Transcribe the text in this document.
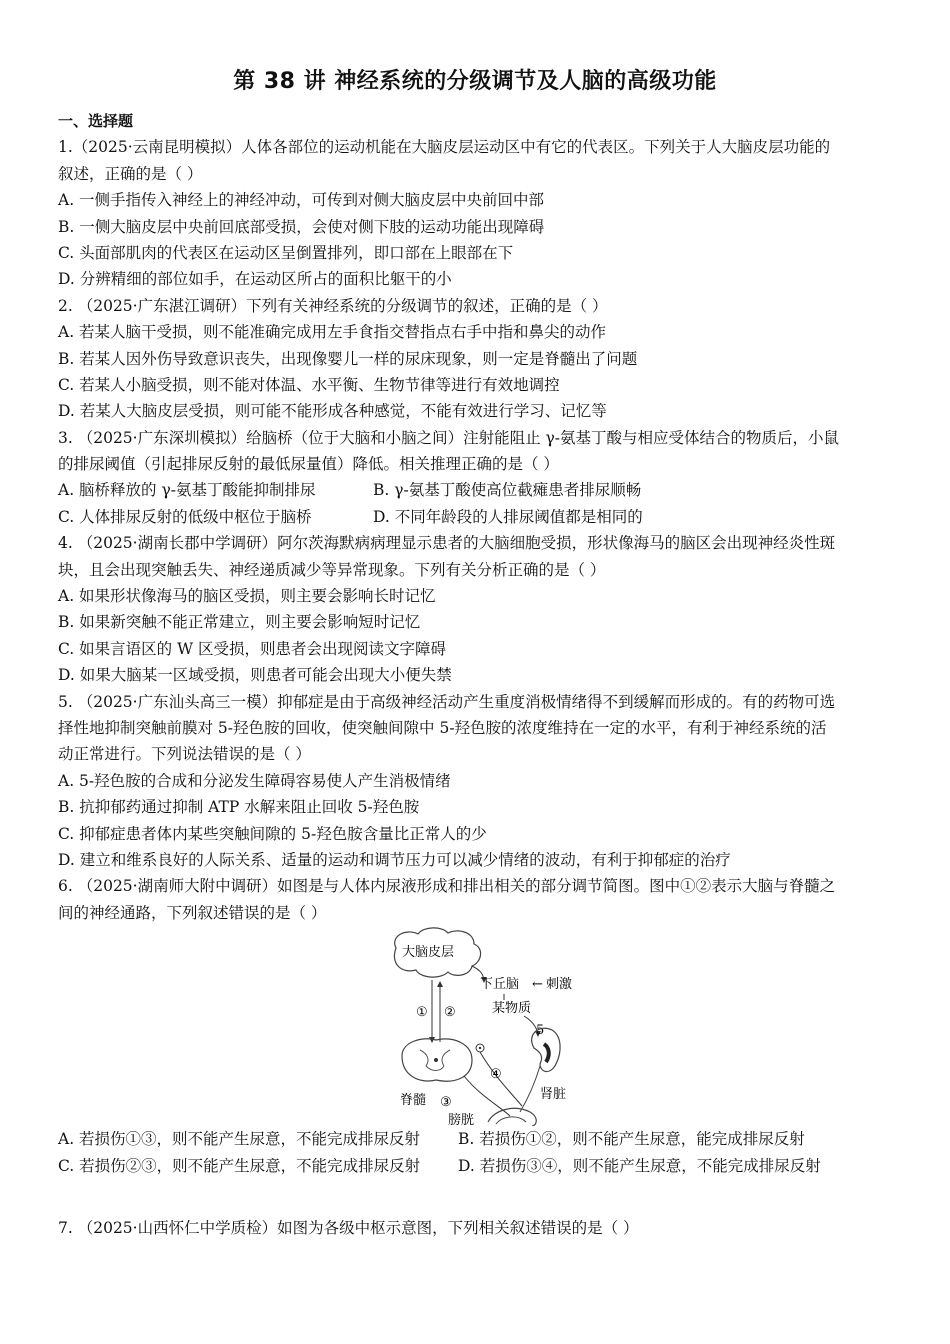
第 38 讲 神经系统的分级调节及人脑的高级功能
一、选择题
1.（2025·云南昆明模拟）人体各部位的运动机能在大脑皮层运动区中有它的代表区。下列关于人大脑皮层功能的
叙述，正确的是（ ）
A. 一侧手指传入神经上的神经冲动，可传到对侧大脑皮层中央前回中部
B. 一侧大脑皮层中央前回底部受损，会使对侧下肢的运动功能出现障碍
C. 头面部肌肉的代表区在运动区呈倒置排列，即口部在上眼部在下
D. 分辨精细的部位如手，在运动区所占的面积比躯干的小
2. （2025·广东湛江调研）下列有关神经系统的分级调节的叙述，正确的是（ ）
A. 若某人脑干受损，则不能准确完成用左手食指交替指点右手中指和鼻尖的动作
B. 若某人因外伤导致意识丧失，出现像婴儿一样的尿床现象，则一定是脊髓出了问题
C. 若某人小脑受损，则不能对体温、水平衡、生物节律等进行有效地调控
D. 若某人大脑皮层受损，则可能不能形成各种感觉，不能有效进行学习、记忆等
3. （2025·广东深圳模拟）给脑桥（位于大脑和小脑之间）注射能阻止 γ-氨基丁酸与相应受体结合的物质后，小鼠
的排尿阈值（引起排尿反射的最低尿量值）降低。相关推理正确的是（ ）
A. 脑桥释放的 γ-氨基丁酸能抑制排尿	B. γ-氨基丁酸使高位截瘫患者排尿顺畅
C. 人体排尿反射的低级中枢位于脑桥	D. 不同年龄段的人排尿阈值都是相同的
4. （2025·湖南长郡中学调研）阿尔茨海默病病理显示患者的大脑细胞受损，形状像海马的脑区会出现神经炎性斑
块，且会出现突触丢失、神经递质减少等异常现象。下列有关分析正确的是（ ）
A. 如果形状像海马的脑区受损，则主要会影响长时记忆
B. 如果新突触不能正常建立，则主要会影响短时记忆
C. 如果言语区的 W 区受损，则患者会出现阅读文字障碍
D. 如果大脑某一区域受损，则患者可能会出现大小便失禁
5. （2025·广东汕头高三一模）抑郁症是由于高级神经活动产生重度消极情绪得不到缓解而形成的。有的药物可选
择性地抑制突触前膜对 5-羟色胺的回收，使突触间隙中 5-羟色胺的浓度维持在一定的水平，有利于神经系统的活
动正常进行。下列说法错误的是（ ）
A. 5-羟色胺的合成和分泌发生障碍容易使人产生消极情绪
B. 抗抑郁药通过抑制 ATP 水解来阻止回收 5-羟色胺
C. 抑郁症患者体内某些突触间隙的 5-羟色胺含量比正常人的少
D. 建立和维系良好的人际关系、适量的运动和调节压力可以减少情绪的波动，有利于抑郁症的治疗
6. （2025·湖南师大附中调研）如图是与人体内尿液形成和排出相关的部分调节简图。图中①②表示大脑与脊髓之
间的神经通路，下列叙述错误的是（ ）
大脑皮层
① ②
下丘脑 ← 刺激
某物质
5
脊髓 ③
④
肾脏
膀胱
A. 若损伤①③，则不能产生尿意，不能完成排尿反射	B. 若损伤①②，则不能产生尿意，能完成排尿反射
C. 若损伤②③，则不能产生尿意，不能完成排尿反射	D. 若损伤③④，则不能产生尿意，不能完成排尿反射
7. （2025·山西怀仁中学质检）如图为各级中枢示意图，下列相关叙述错误的是（ ）
